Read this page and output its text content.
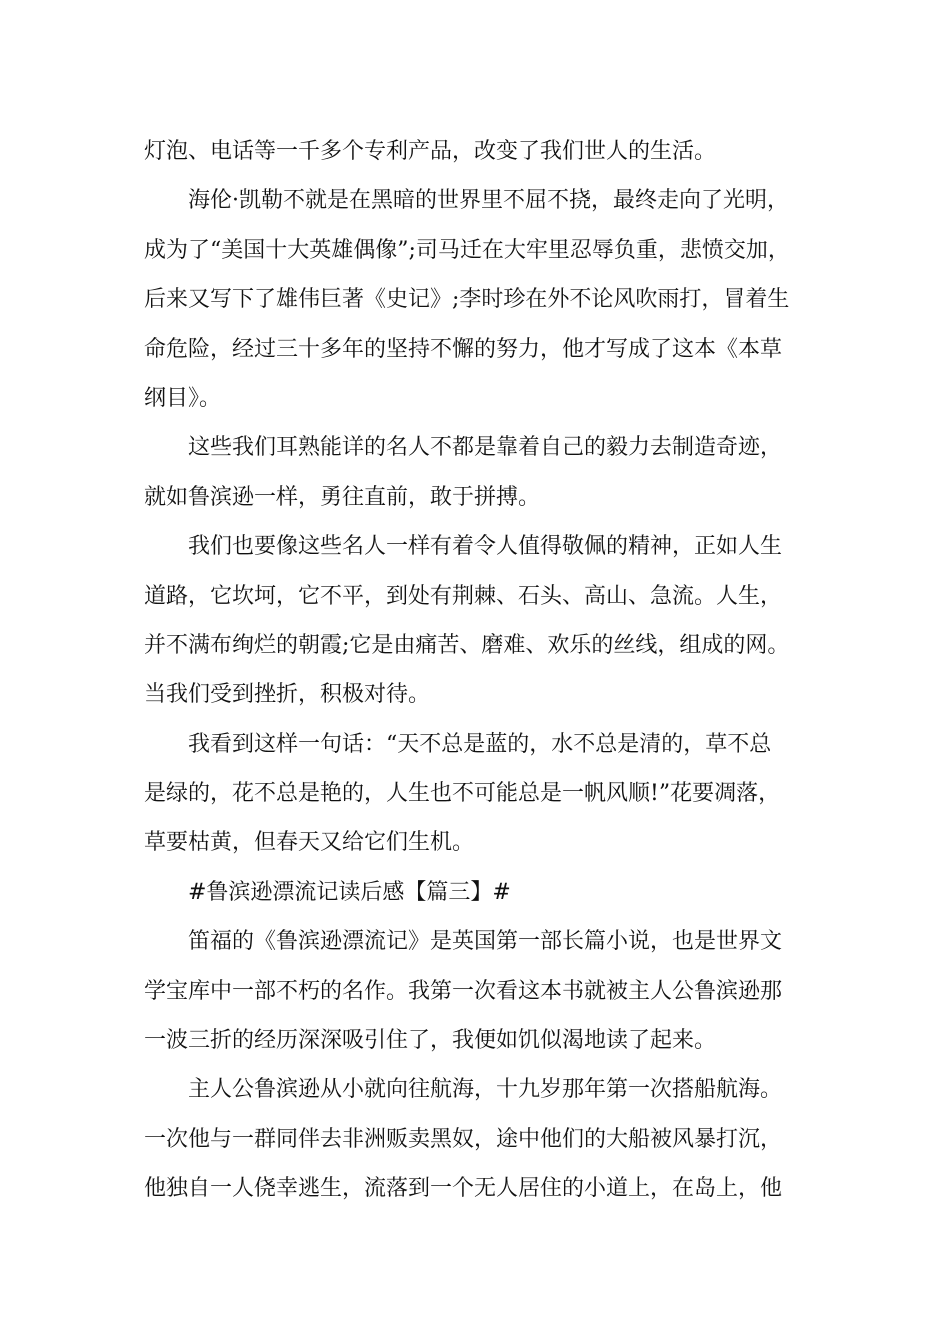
灯泡、电话等一千多个专利产品，改变了我们世人的生活。
海伦·凯勒不就是在黑暗的世界里不屈不挠，最终走向了光明，
成为了“美国十大英雄偶像”;司马迁在大牢里忍辱负重，悲愤交加，
后来又写下了雄伟巨著《史记》;李时珍在外不论风吹雨打，冒着生
命危险，经过三十多年的坚持不懈的努力，他才写成了这本《本草
纲目》。
这些我们耳熟能详的名人不都是靠着自己的毅力去制造奇迹，
就如鲁滨逊一样，勇往直前，敢于拼搏。
我们也要像这些名人一样有着令人值得敬佩的精神，正如人生
道路，它坎坷，它不平，到处有荆棘、石头、高山、急流。人生，
并不满布绚烂的朝霞;它是由痛苦、磨难、欢乐的丝线，组成的网。
当我们受到挫折，积极对待。
我看到这样一句话：“天不总是蓝的，水不总是清的，草不总
是绿的，花不总是艳的，人生也不可能总是一帆风顺!”花要凋落，
草要枯黄，但春天又给它们生机。
#鲁滨逊漂流记读后感【篇三】#
笛福的《鲁滨逊漂流记》是英国第一部长篇小说，也是世界文
学宝库中一部不朽的名作。我第一次看这本书就被主人公鲁滨逊那
一波三折的经历深深吸引住了，我便如饥似渴地读了起来。
主人公鲁滨逊从小就向往航海，十九岁那年第一次搭船航海。
一次他与一群同伴去非洲贩卖黑奴，途中他们的大船被风暴打沉，
他独自一人侥幸逃生，流落到一个无人居住的小道上，在岛上，他
